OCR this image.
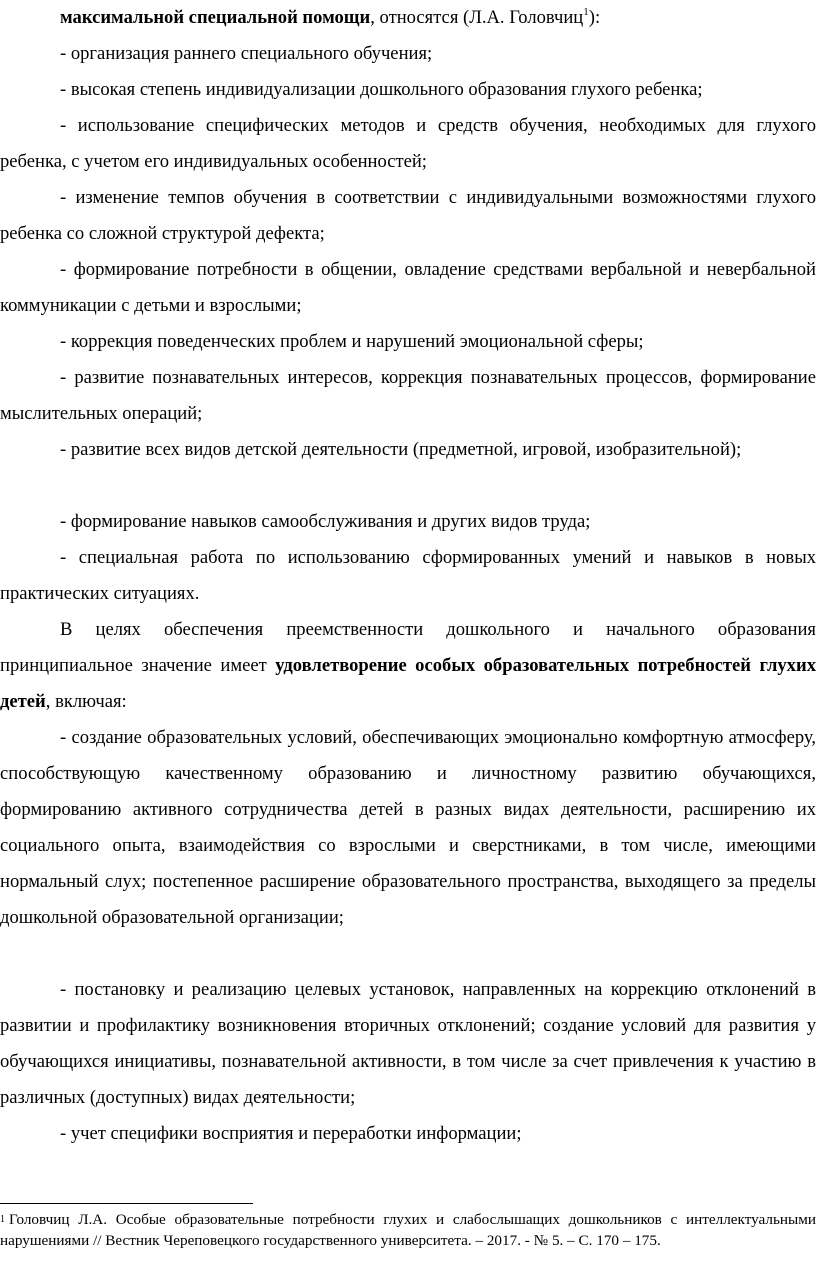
максимальной специальной помощи, относятся (Л.А. Головчиц$^1$):

- организация раннего специального обучения;

- высокая степень индивидуализации дошкольного образования глухого ребенка;

- использование специфических методов и средств обучения, необходимых для глухого ребенка, с учетом его индивидуальных особенностей;

- изменение темпов обучения в соответствии с индивидуальными возможностями глухого ребенка со сложной структурой дефекта;

- формирование потребности в общении, овладение средствами вербальной и невербальной коммуникации с детьми и взрослыми;

- коррекция поведенческих проблем и нарушений эмоциональной сферы;

- развитие познавательных интересов, коррекция познавательных процессов, формирование мыслительных операций;

- развитие всех видов детской деятельности (предметной, игровой, изобразительной);

- формирование навыков самообслуживания и других видов труда;

- специальная работа по использованию сформированных умений и навыков в новых практических ситуациях.

В целях обеспечения преемственности дошкольного и начального образования принципиальное значение имеет удовлетворение особых образовательных потребностей глухих детей, включая:

- создание образовательных условий, обеспечивающих эмоционально комфортную атмосферу, способствующую качественному образованию и личностному развитию обучающихся, формированию активного сотрудничества детей в разных видах деятельности, расширению их социального опыта, взаимодействия со взрослыми и сверстниками, в том числе, имеющими нормальный слух; постепенное расширение образовательного пространства, выходящего за пределы дошкольной образовательной организации;

- постановку и реализацию целевых установок, направленных на коррекцию отклонений в развитии и профилактику возникновения вторичных отклонений; создание условий для развития у обучающихся инициативы, познавательной активности, в том числе за счет привлечения к участию в различных (доступных) видах деятельности;

- учет специфики восприятия и переработки информации;

$^1$ Головчиц Л.А. Особые образовательные потребности глухих и слабослышащих дошкольников с интеллектуальными нарушениями // Вестник Череповецкого государственного университета. – 2017. - № 5. – С. 170 – 175.
